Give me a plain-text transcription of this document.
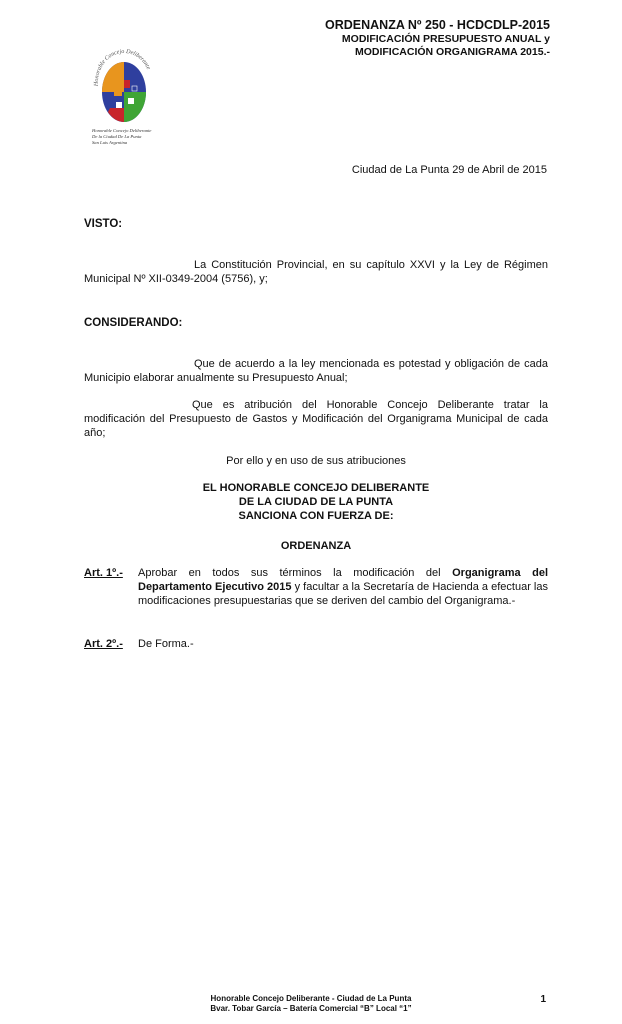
ORDENANZA Nº 250 - HCDCDLP-2015
MODIFICACIÓN PRESUPUESTO ANUAL y
MODIFICACIÓN ORGANIGRAMA 2015.-
Honorable Concejo Deliberante
Honorable Concejo Deliberante
De la Ciudad De La Punta
San Luis Argentina
Ciudad de La Punta 29 de Abril de 2015
VISTO:
La Constitución Provincial, en su capítulo XXVI y la Ley de Régimen Municipal Nº XII-0349-2004 (5756), y;
CONSIDERANDO:
Que de acuerdo a la ley mencionada es potestad y obligación de cada Municipio elaborar anualmente su Presupuesto Anual;
Que es atribución del Honorable Concejo Deliberante tratar la modificación del Presupuesto de Gastos y Modificación del Organigrama Municipal de cada año;
Por ello y en uso de sus atribuciones
EL HONORABLE CONCEJO DELIBERANTE
DE LA CIUDAD DE LA PUNTA
SANCIONA CON FUERZA DE:
ORDENANZA
Art. 1º.- Aprobar en todos sus términos la modificación del Organigrama del Departamento Ejecutivo 2015 y facultar a la Secretaría de Hacienda a efectuar las modificaciones presupuestarias que se deriven del cambio del Organigrama.-
Art. 2º.- De Forma.-
Honorable Concejo Deliberante - Ciudad de La Punta
Bvar. Tobar García – Batería Comercial “B” Local “1”
1
